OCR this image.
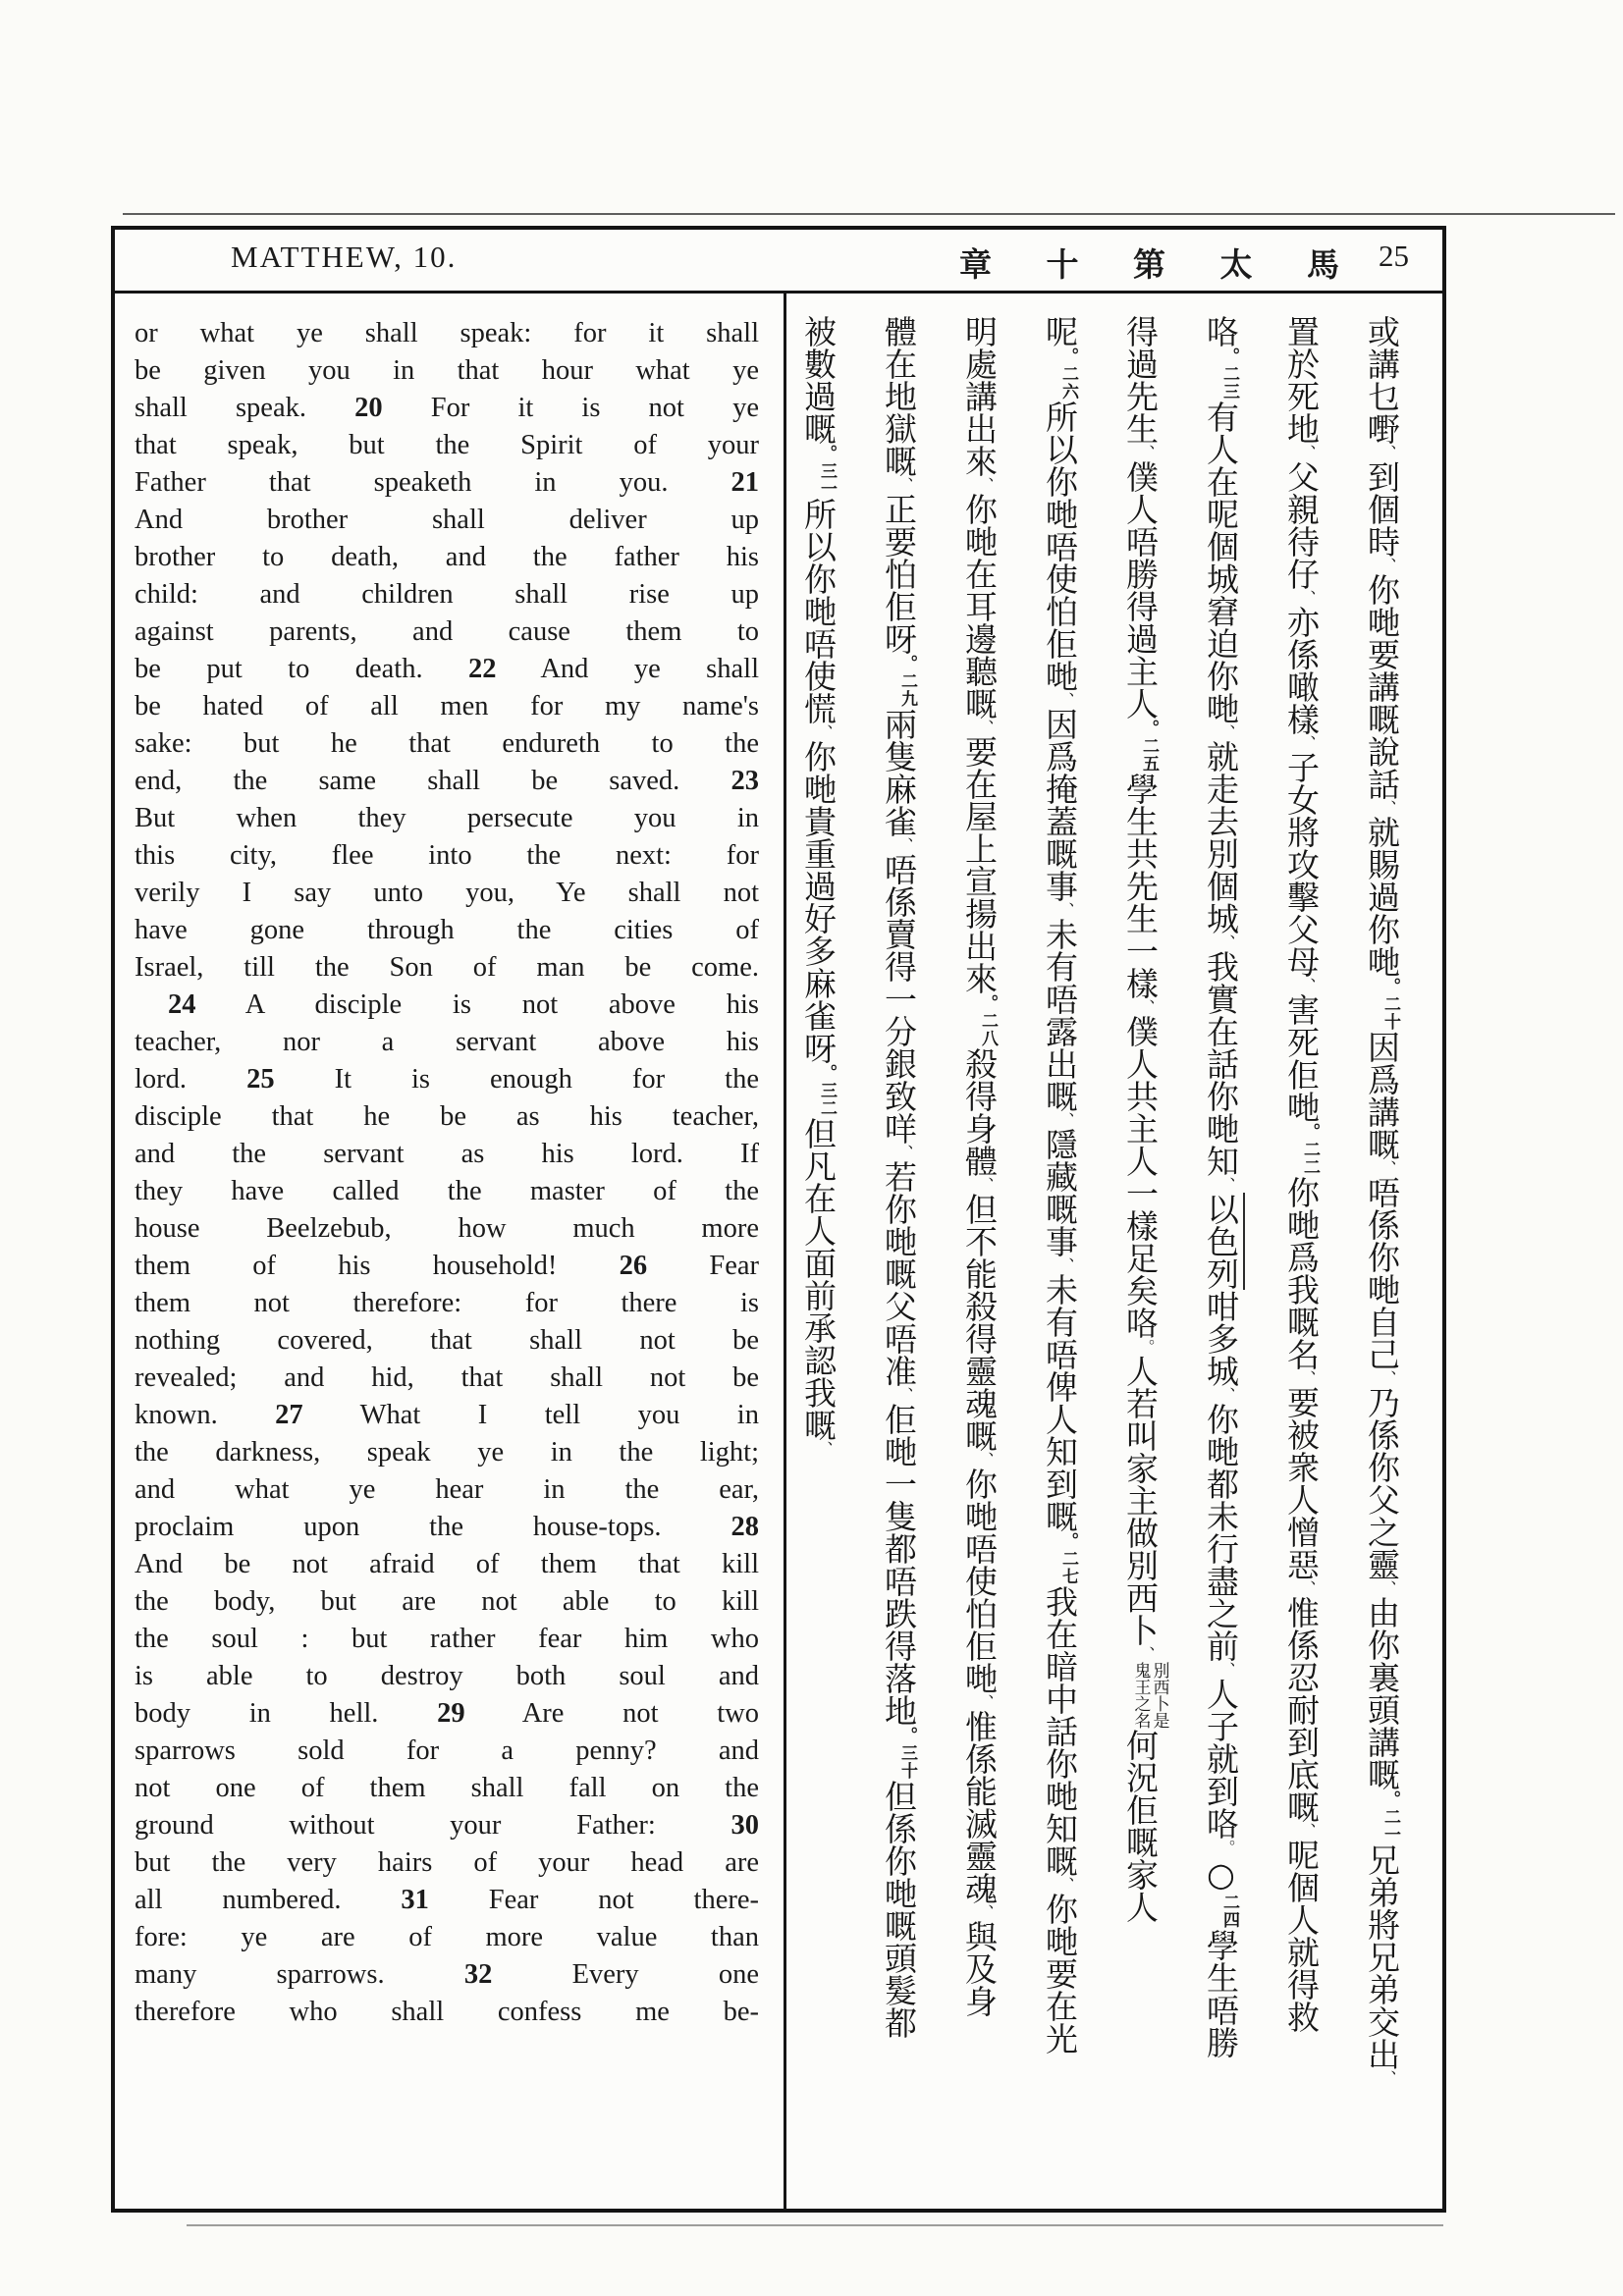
MATTHEW, 10.	章 十 第 太 馬 25
or what ye shall speak: for it shall
be given you in that hour what ye
shall speak. 20 For it is not ye
that speak, but the Spirit of your
Father that speaketh in you. 21
And brother shall deliver up
brother to death, and the father his
child: and children shall rise up
against parents, and cause them to
be put to death. 22 And ye shall
be hated of all men for my name's
sake: but he that endureth to the
end, the same shall be saved. 23
But when they persecute you in
this city, flee into the next: for
verily I say unto you, Ye shall not
have gone through the cities of
Israel, till the Son of man be come.
24 A disciple is not above his
teacher, nor a servant above his
lord. 25 It is enough for the
disciple that he be as his teacher,
and the servant as his lord. If
they have called the master of the
house Beelzebub, how much more
them of his household! 26 Fear
them not therefore: for there is
nothing covered, that shall not be
revealed; and hid, that shall not be
known. 27 What I tell you in
the darkness, speak ye in the light;
and what ye hear in the ear,
proclaim upon the house-tops. 28
And be not afraid of them that kill
the body, but are not able to kill
the soul : but rather fear him who
is able to destroy both soul and
body in hell. 29 Are not two
sparrows sold for a penny? and
not one of them shall fall on the
ground without your Father: 30
but the very hairs of your head are
all numbered. 31 Fear not there-
fore: ye are of more value than
many sparrows. 32 Every one
therefore who shall confess me be-
或講乜嘢、到個時、你哋要講嘅說話、就賜過你哋$^{。二十}$因爲講嘅、唔係你哋自己、乃係你父之靈、由你裏頭講嘅$^{。二一}$兄弟將兄弟交出、
置於死地、父親待仔、亦係噉樣、子女將攻擊父母、害死佢哋$^{。二二}$你哋爲我嘅名、要被衆人憎惡、惟係忍耐到底嘅、呢個人就得救
咯$^{。二三}$有人在呢個城窘迫你哋、就走去別個城、我實在話你哋知、以色列咁多城、你哋都未行盡之前、人子就到咯。○$^{二四}$學生唔勝
得過先生、僕人唔勝得過主人$^{。二五}$學生共先生一樣、僕人共主人一樣足矣咯。人若叫家主做別西卜、別西卜是
鬼王之名何況佢嘅家人
呢$^{。二六}$所以你哋唔使怕佢哋、因爲掩蓋嘅事、未有唔露出嘅、隱藏嘅事、未有唔俾人知到嘅$^{。二七}$我在暗中話你哋知嘅、你哋要在光
明處講出來、你哋在耳邊聽嘅、要在屋上宣揚出來$^{。二八}$殺得身體、但不能殺得靈魂嘅、你哋唔使怕佢哋、惟係能滅靈魂、與及身
體在地獄嘅、正要怕佢呀$^{。二九}$兩隻麻雀、唔係賣得一分銀致咩、若你哋嘅父唔准、佢哋一隻都唔跌得落地$^{。三十}$但係你哋嘅頭髮都
被數過嘅$^{。三一}$所以你哋唔使慌、你哋貴重過好多麻雀呀$^{。三二}$但凡在人面前承認我嘅、
